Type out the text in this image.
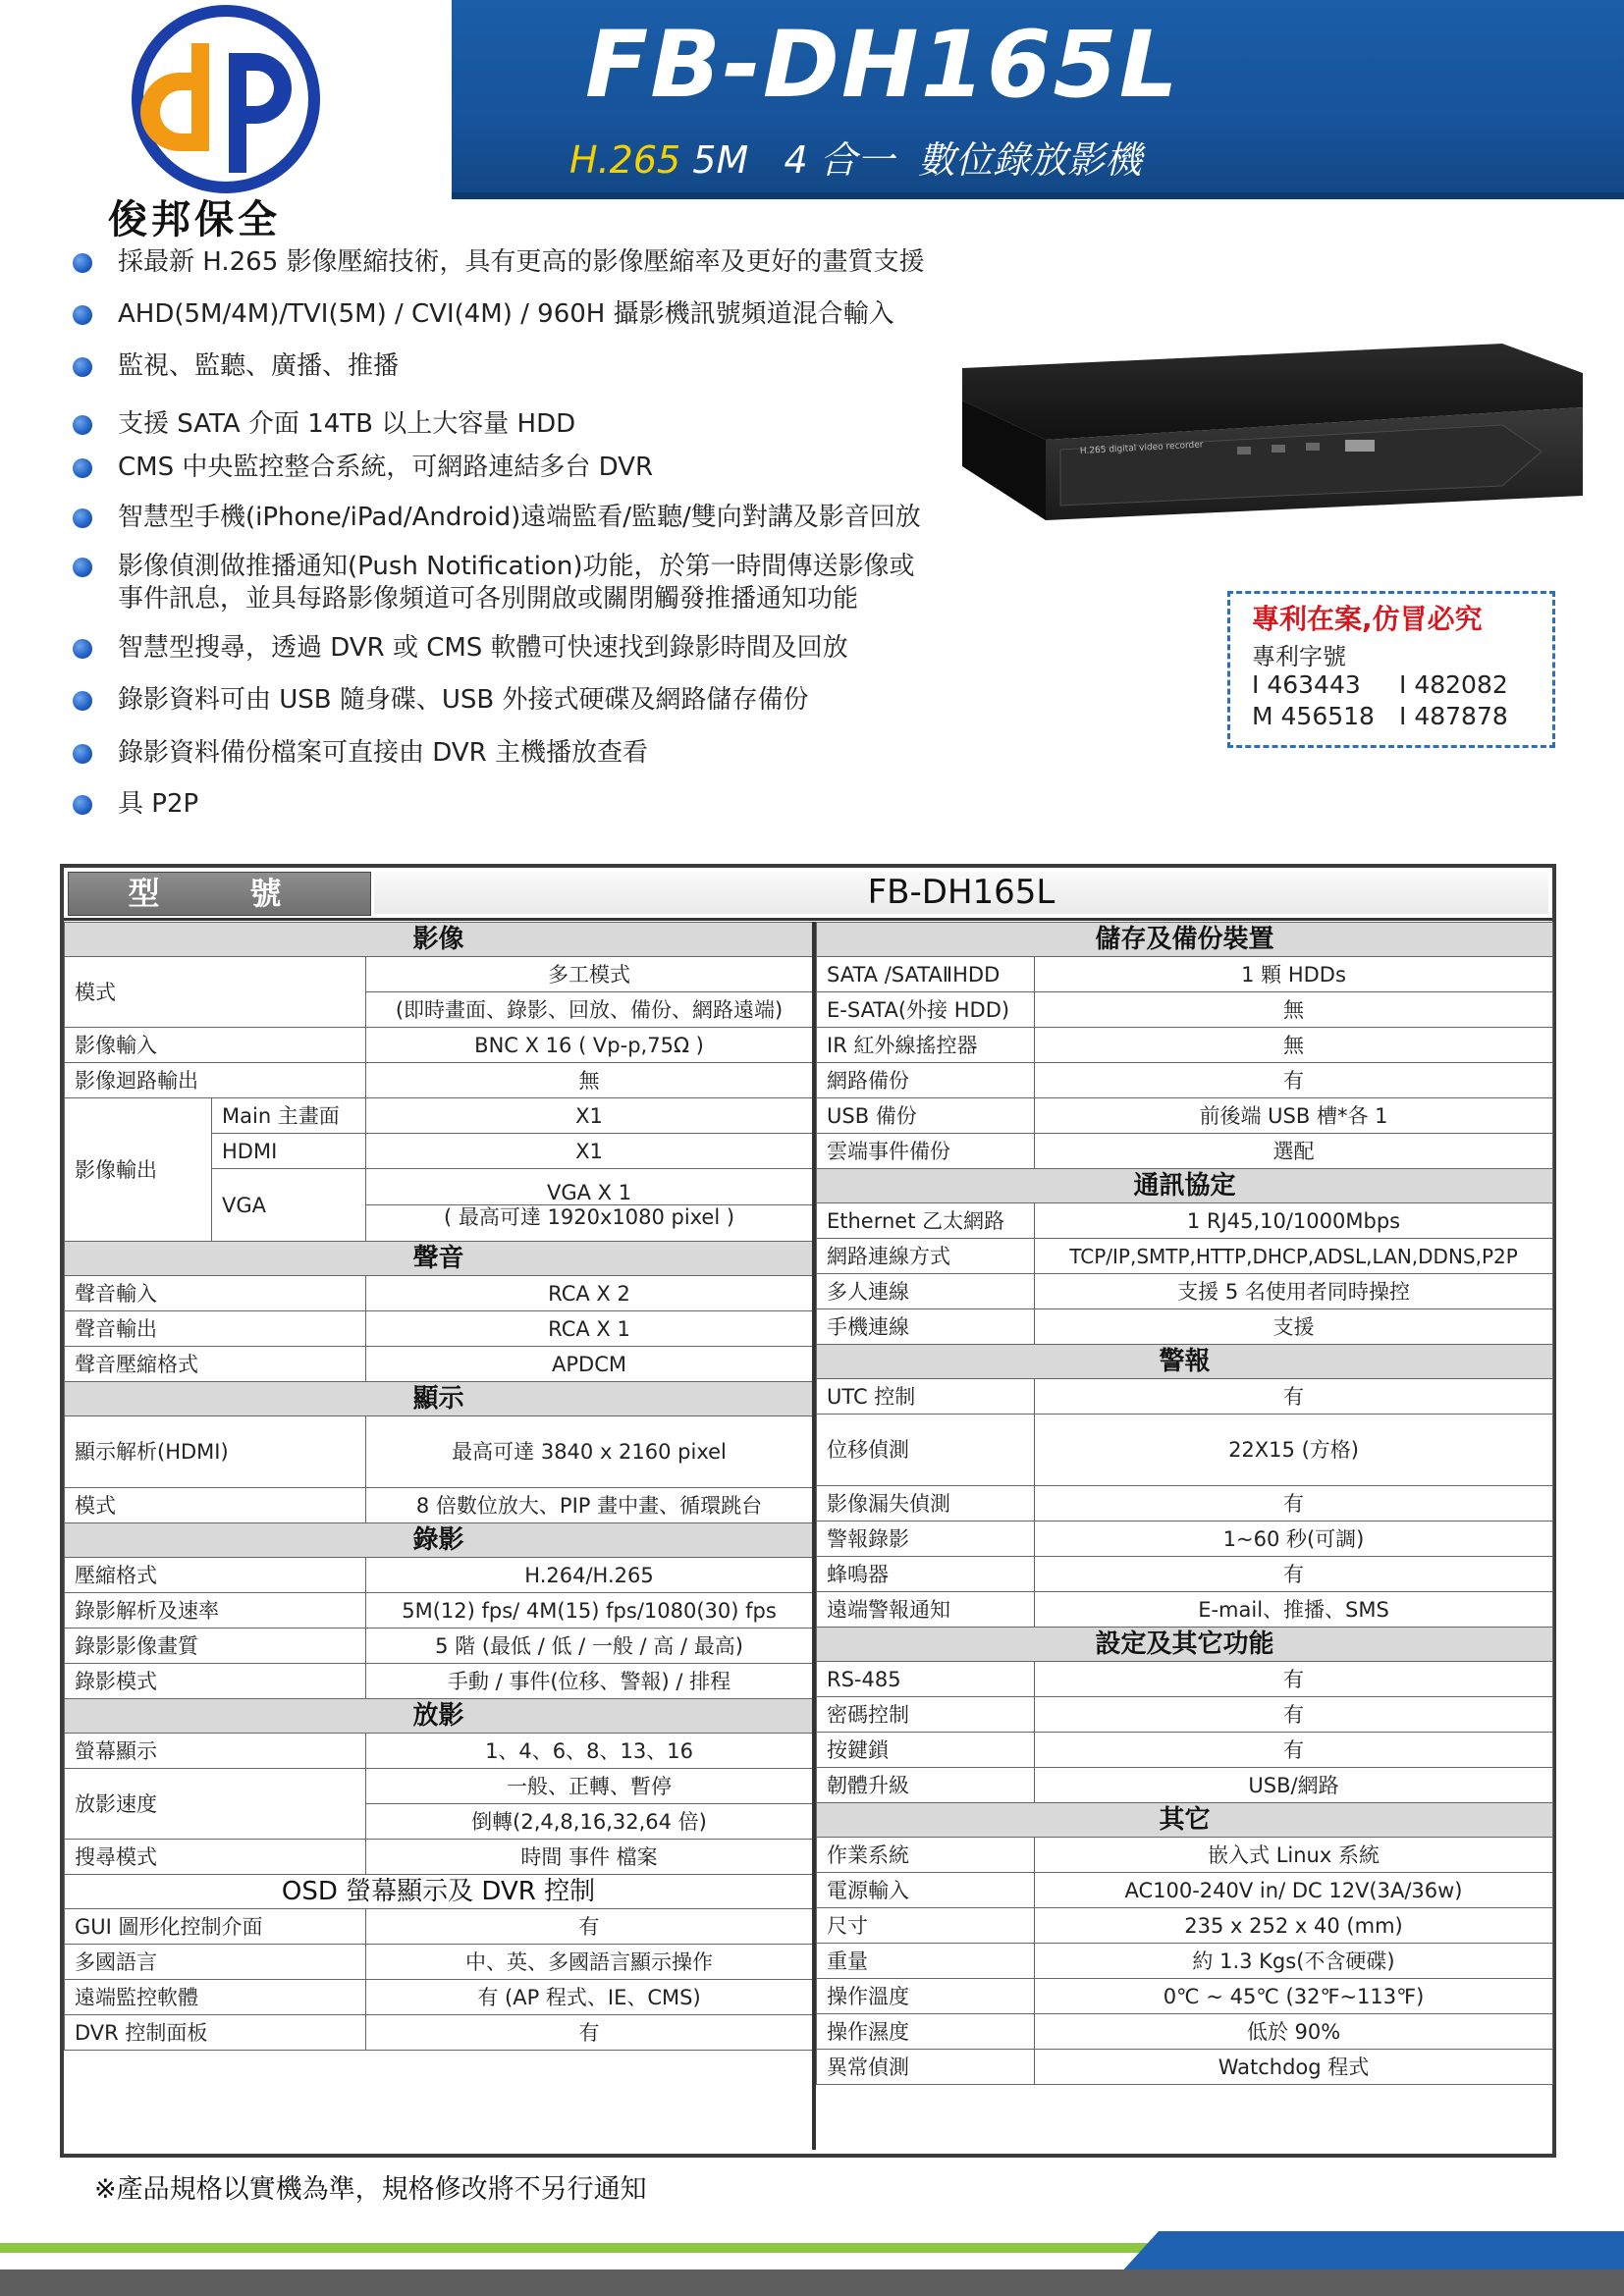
FB-DH165L
H.265 5M   4 合一  數位錄放影機
俊邦保全
採最新 H.265 影像壓縮技術，具有更高的影像壓縮率及更好的畫質支援
AHD(5M/4M)/TVI(5M) / CVI(4M) / 960H 攝影機訊號頻道混合輸入
監視、監聽、廣播、推播
支援 SATA 介面 14TB 以上大容量 HDD
CMS 中央監控整合系統，可網路連結多台 DVR
智慧型手機(iPhone/iPad/Android)遠端監看/監聽/雙向對講及影音回放
影像偵測做推播通知(Push Notification)功能，於第一時間傳送影像或
事件訊息，並具每路影像頻道可各別開啟或關閉觸發推播通知功能
智慧型搜尋，透過 DVR 或 CMS 軟體可快速找到錄影時間及回放
錄影資料可由 USB 隨身碟、USB 外接式硬碟及網路儲存備份
錄影資料備份檔案可直接由 DVR 主機播放查看
具 P2P
H.265 digital video recorder
專利在案,仿冒必究
專利字號
I 463443 I 482082
M 456518 I 487878
型　號	FB-DH165L
影像		
模式		多工模式
		(即時畫面、錄影、回放、備份、網路遠端)
影像輸入		BNC X 16 ( Vp-p,75Ω )
影像迴路輸出		無
影像輸出	Main 主畫面	X1
	HDMI	X1
	VGA	VGA X 1
		( 最高可達 1920x1080 pixel )
聲音		
聲音輸入		RCA X 2
聲音輸出		RCA X 1
聲音壓縮格式		APDCM
顯示		
顯示解析(HDMI)		最高可達 3840 x 2160 pixel
模式		8 倍數位放大、PIP 畫中畫、循環跳台
錄影		
壓縮格式		H.264/H.265
錄影解析及速率		5M(12) fps/ 4M(15) fps/1080(30) fps
錄影影像畫質		5 階 (最低 / 低 / 一般 / 高 / 最高)
錄影模式		手動 / 事件(位移、警報) / 排程
放影		
螢幕顯示		1、4、6、8、13、16
放影速度		一般、正轉、暫停
		倒轉(2,4,8,16,32,64 倍)
搜尋模式		時間 事件 檔案
OSD 螢幕顯示及 DVR 控制		
GUI 圖形化控制介面		有
多國語言		中、英、多國語言顯示操作
遠端監控軟體		有 (AP 程式、IE、CMS)
DVR 控制面板		有
儲存及備份裝置	
SATA /SATAⅡHDD	1 顆 HDDs
E-SATA(外接 HDD)	無
IR 紅外線搖控器	無
網路備份	有
USB 備份	前後端 USB 槽*各 1
雲端事件備份	選配
通訊協定	
Ethernet 乙太網路	1 RJ45,10/1000Mbps
網路連線方式	TCP/IP,SMTP,HTTP,DHCP,ADSL,LAN,DDNS,P2P
多人連線	支援 5 名使用者同時操控
手機連線	支援
警報	
UTC 控制	有
位移偵測	22X15 (方格)
影像漏失偵測	有
警報錄影	1~60 秒(可調)
蜂鳴器	有
遠端警報通知	E-mail、推播、SMS
設定及其它功能	
RS-485	有
密碼控制	有
按鍵鎖	有
韌體升級	USB/網路
其它	
作業系統	嵌入式 Linux 系統
電源輸入	AC100-240V in/ DC 12V(3A/36w)
尺寸	235 x 252 x 40 (mm)
重量	約 1.3 Kgs(不含硬碟)
操作溫度	0℃ ~ 45℃ (32℉~113℉)
操作濕度	低於 90%
異常偵測	Watchdog 程式
※產品規格以實機為準，規格修改將不另行通知
